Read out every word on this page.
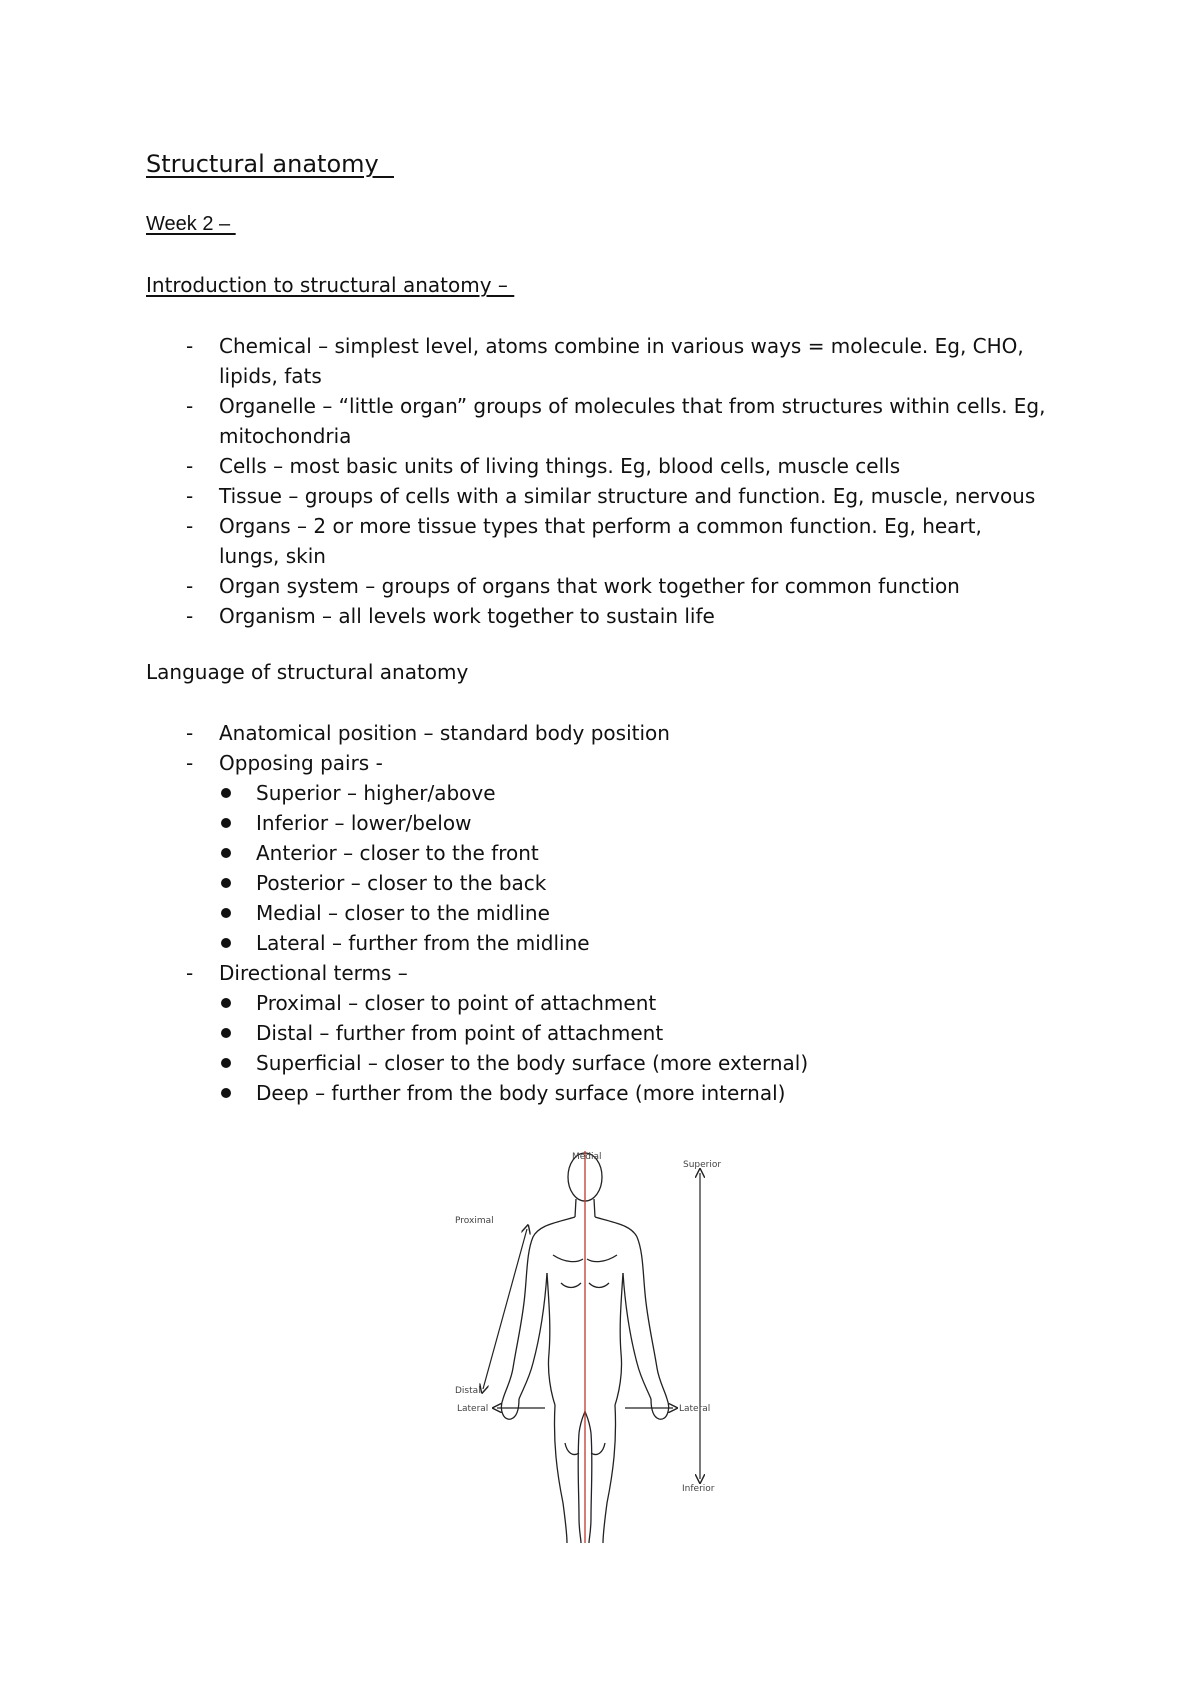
Structural anatomy
Week 2 –
Introduction to structural anatomy –
- Chemical – simplest level, atoms combine in various ways = molecule. Eg, CHO, lipids, fats
- Organelle – “little organ” groups of molecules that from structures within cells. Eg, mitochondria
- Cells – most basic units of living things. Eg, blood cells, muscle cells
- Tissue – groups of cells with a similar structure and function. Eg, muscle, nervous
- Organs – 2 or more tissue types that perform a common function. Eg, heart, lungs, skin
- Organ system – groups of organs that work together for common function
- Organism – all levels work together to sustain life
Language of structural anatomy
- Anatomical position – standard body position
- Opposing pairs -
Superior – higher/above
Inferior – lower/below
Anterior – closer to the front
Posterior – closer to the back
Medial – closer to the midline
Lateral – further from the midline
- Directional terms –
Proximal – closer to point of attachment
Distal – further from point of attachment
Superficial – closer to the body surface (more external)
Deep – further from the body surface (more internal)
Medial
Superior
Proximal
Distal
Lateral	Lateral
Inferior
